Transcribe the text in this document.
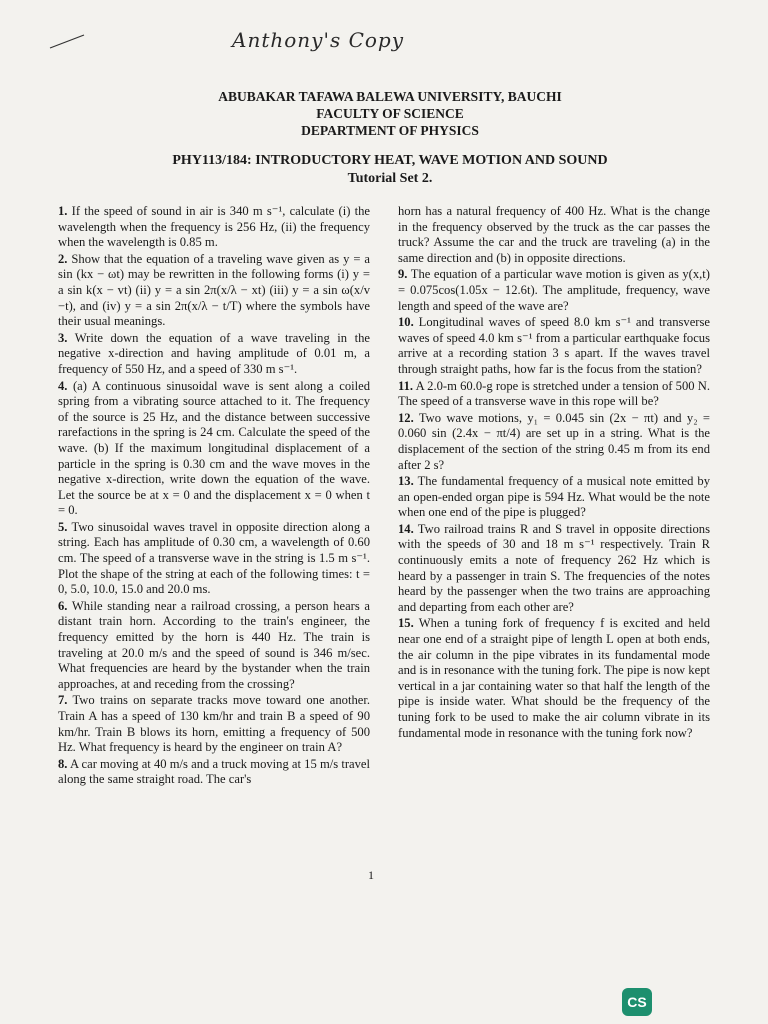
Anthony's Copy
ABUBAKAR TAFAWA BALEWA UNIVERSITY, BAUCHI
FACULTY OF SCIENCE
DEPARTMENT OF PHYSICS
PHY113/184: INTRODUCTORY HEAT, WAVE MOTION AND SOUND
Tutorial Set 2.

1. If the speed of sound in air is 340 m s⁻¹, calculate (i) the wavelength when the frequency is 256 Hz, (ii) the frequency when the wavelength is 0.85 m.

2. Show that the equation of a traveling wave given as y = a sin (kx − ωt) may be rewritten in the following forms (i) y = a sin k(x − vt) (ii) y = a sin 2π(x/λ − xt) (iii) y = a sin ω(x/v −t), and (iv) y = a sin 2π(x/λ − t/T) where the symbols have their usual meanings.

3. Write down the equation of a wave traveling in the negative x-direction and having amplitude of 0.01 m, a frequency of 550 Hz, and a speed of 330 m s⁻¹.

4. (a) A continuous sinusoidal wave is sent along a coiled spring from a vibrating source attached to it. The frequency of the source is 25 Hz, and the distance between successive rarefactions in the spring is 24 cm. Calculate the speed of the wave. (b) If the maximum longitudinal displacement of a particle in the spring is 0.30 cm and the wave moves in the negative x-direction, write down the equation of the wave. Let the source be at x = 0 and the displacement x = 0 when t = 0.

5. Two sinusoidal waves travel in opposite direction along a string. Each has amplitude of 0.30 cm, a wavelength of 0.60 cm. The speed of a transverse wave in the string is 1.5 m s⁻¹. Plot the shape of the string at each of the following times: t = 0, 5.0, 10.0, 15.0 and 20.0 ms.

6. While standing near a railroad crossing, a person hears a distant train horn. According to the train's engineer, the frequency emitted by the horn is 440 Hz. The train is traveling at 20.0 m/s and the speed of sound is 346 m/sec. What frequencies are heard by the bystander when the train approaches, at and receding from the crossing?

7. Two trains on separate tracks move toward one another. Train A has a speed of 130 km/hr and train B a speed of 90 km/hr. Train B blows its horn, emitting a frequency of 500 Hz. What frequency is heard by the engineer on train A?

8. A car moving at 40 m/s and a truck moving at 15 m/s travel along the same straight road. The car's

horn has a natural frequency of 400 Hz. What is the change in the frequency observed by the truck as the car passes the truck? Assume the car and the truck are traveling (a) in the same direction and (b) in opposite directions.

9. The equation of a particular wave motion is given as y(x,t) = 0.075cos(1.05x − 12.6t). The amplitude, frequency, wave length and speed of the wave are?

10. Longitudinal waves of speed 8.0 km s⁻¹ and transverse waves of speed 4.0 km s⁻¹ from a particular earthquake focus arrive at a recording station 3 s apart. If the waves travel through straight paths, how far is the focus from the station?

11. A 2.0-m 60.0-g rope is stretched under a tension of 500 N. The speed of a transverse wave in this rope will be?

12. Two wave motions, y₁ = 0.045 sin (2x − πt) and y₂ = 0.060 sin (2.4x − πt/4) are set up in a string. What is the displacement of the section of the string 0.45 m from its end after 2 s?

13. The fundamental frequency of a musical note emitted by an open-ended organ pipe is 594 Hz. What would be the note when one end of the pipe is plugged?

14. Two railroad trains R and S travel in opposite directions with the speeds of 30 and 18 m s⁻¹ respectively. Train R continuously emits a note of frequency 262 Hz which is heard by a passenger in train S. The frequencies of the notes heard by the passenger when the two trains are approaching and departing from each other are?

15. When a tuning fork of frequency f is excited and held near one end of a straight pipe of length L open at both ends, the air column in the pipe vibrates in its fundamental mode and is in resonance with the tuning fork. The pipe is now kept vertical in a jar containing water so that half the length of the pipe is inside water. What should be the frequency of the tuning fork to be used to make the air column vibrate in its fundamental mode in resonance with the tuning fork now?

1
CS
